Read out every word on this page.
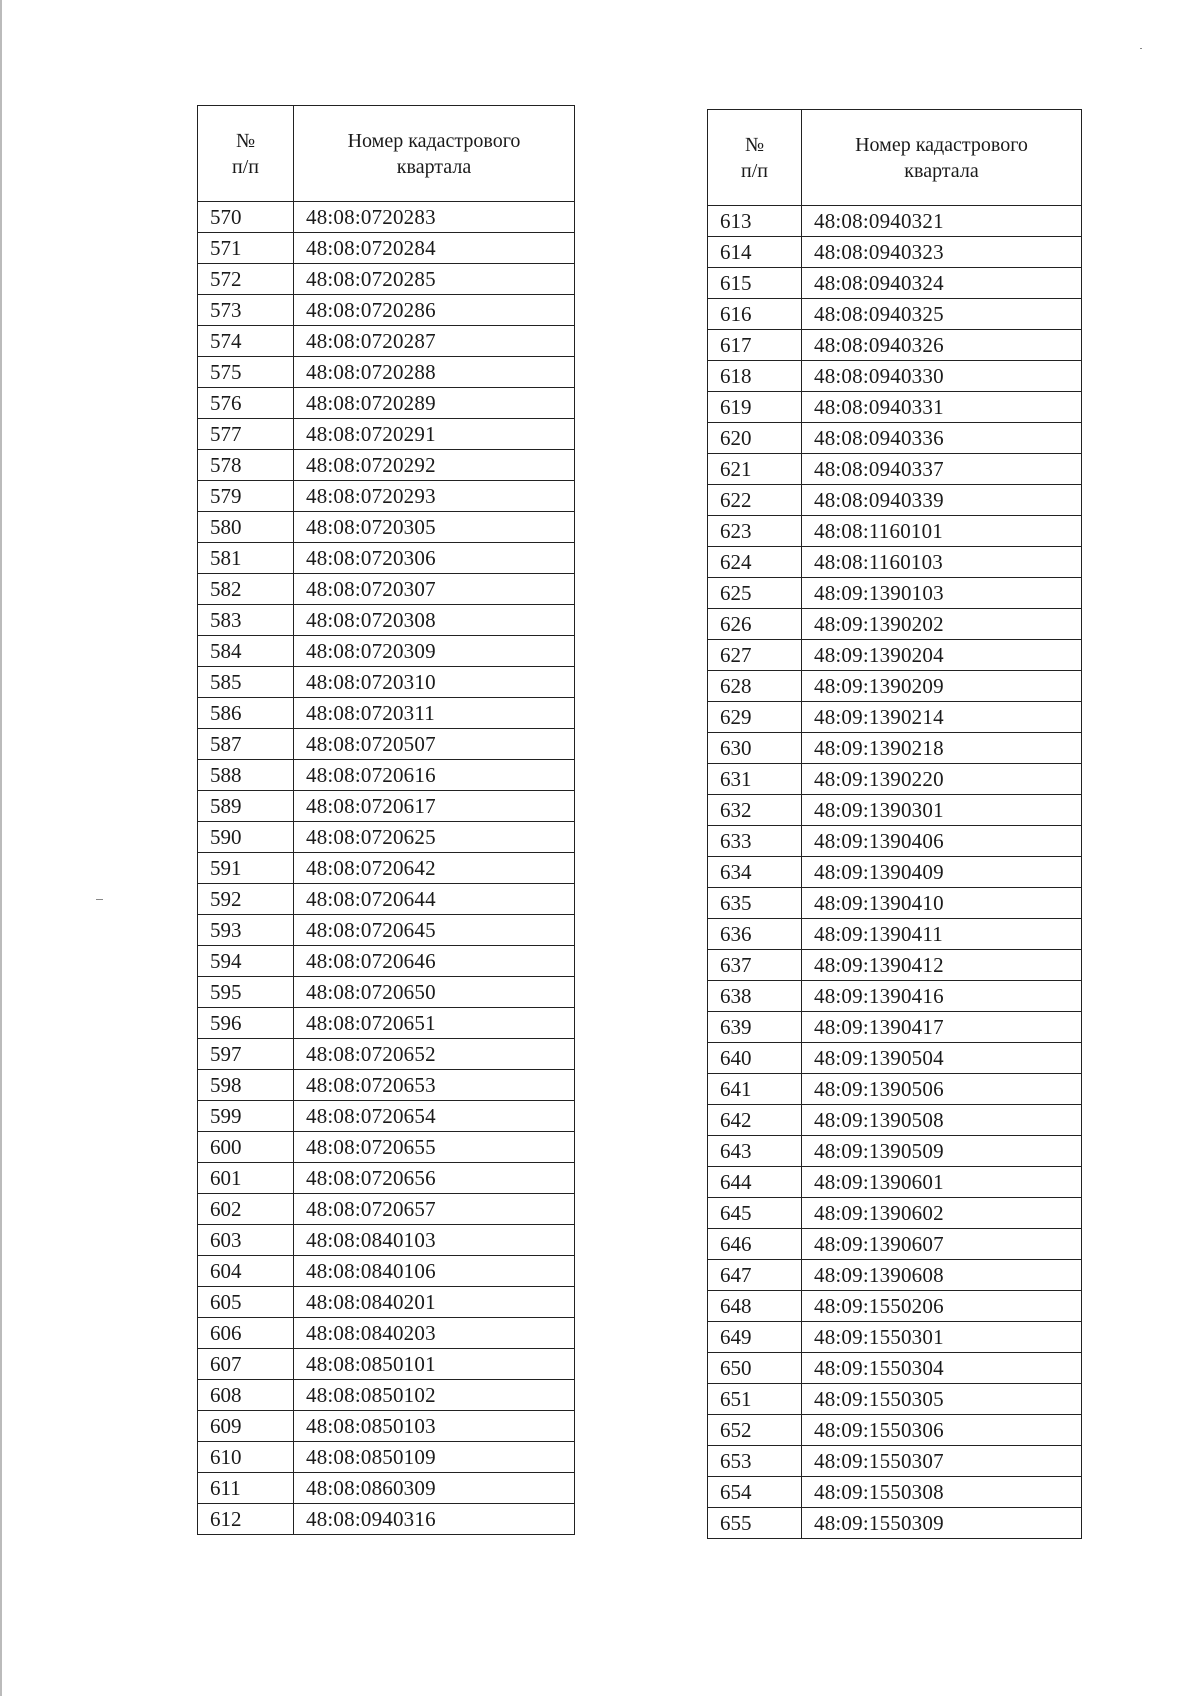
№
п/п	Номер кадастрового
квартала

570	48:08:0720283
571	48:08:0720284
572	48:08:0720285
573	48:08:0720286
574	48:08:0720287
575	48:08:0720288
576	48:08:0720289
577	48:08:0720291
578	48:08:0720292
579	48:08:0720293
580	48:08:0720305
581	48:08:0720306
582	48:08:0720307
583	48:08:0720308
584	48:08:0720309
585	48:08:0720310
586	48:08:0720311
587	48:08:0720507
588	48:08:0720616
589	48:08:0720617
590	48:08:0720625
591	48:08:0720642
592	48:08:0720644
593	48:08:0720645
594	48:08:0720646
595	48:08:0720650
596	48:08:0720651
597	48:08:0720652
598	48:08:0720653
599	48:08:0720654
600	48:08:0720655
601	48:08:0720656
602	48:08:0720657
603	48:08:0840103
604	48:08:0840106
605	48:08:0840201
606	48:08:0840203
607	48:08:0850101
608	48:08:0850102
609	48:08:0850103
610	48:08:0850109
611	48:08:0860309
612	48:08:0940316
№
п/п	Номер кадастрового
квартала

613	48:08:0940321
614	48:08:0940323
615	48:08:0940324
616	48:08:0940325
617	48:08:0940326
618	48:08:0940330
619	48:08:0940331
620	48:08:0940336
621	48:08:0940337
622	48:08:0940339
623	48:08:1160101
624	48:08:1160103
625	48:09:1390103
626	48:09:1390202
627	48:09:1390204
628	48:09:1390209
629	48:09:1390214
630	48:09:1390218
631	48:09:1390220
632	48:09:1390301
633	48:09:1390406
634	48:09:1390409
635	48:09:1390410
636	48:09:1390411
637	48:09:1390412
638	48:09:1390416
639	48:09:1390417
640	48:09:1390504
641	48:09:1390506
642	48:09:1390508
643	48:09:1390509
644	48:09:1390601
645	48:09:1390602
646	48:09:1390607
647	48:09:1390608
648	48:09:1550206
649	48:09:1550301
650	48:09:1550304
651	48:09:1550305
652	48:09:1550306
653	48:09:1550307
654	48:09:1550308
655	48:09:1550309
